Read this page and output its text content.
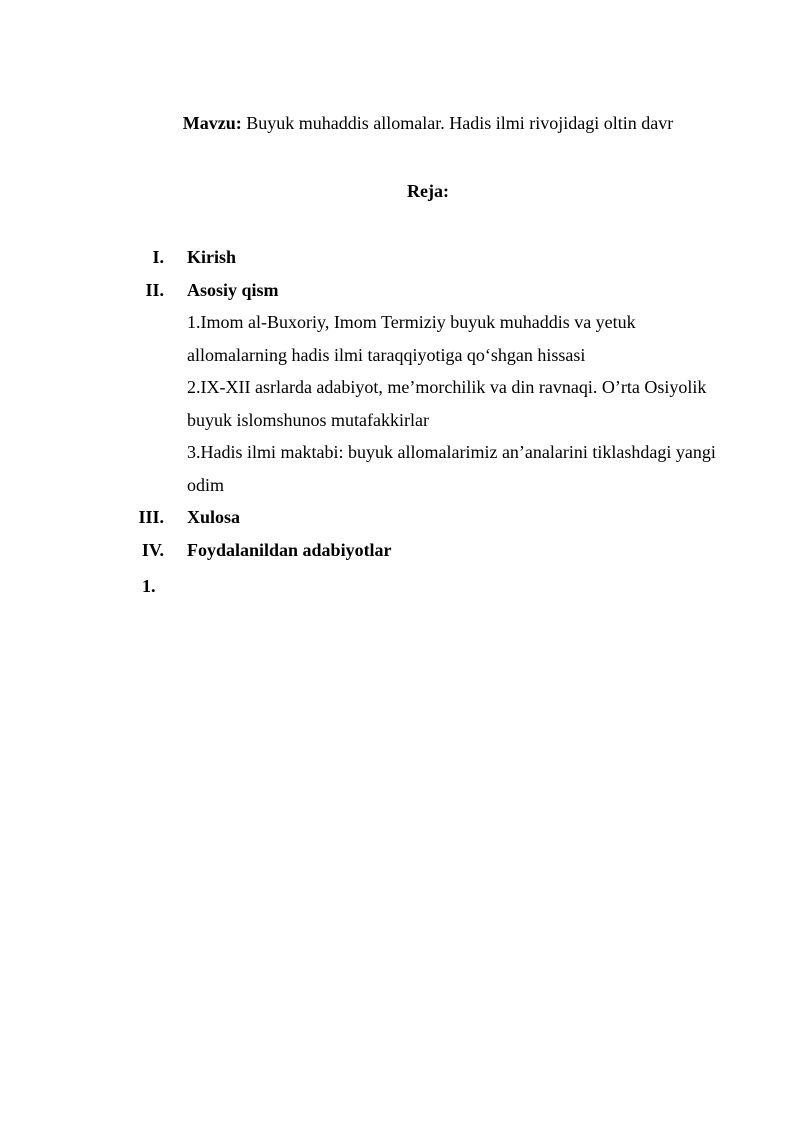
Mavzu: Buyuk muhaddis allomalar. Hadis ilmi rivojidagi oltin davr
Reja:
I. Kirish
II. Asosiy qism
1.Imom al-Buxoriy, Imom Termiziy buyuk muhaddis va yetuk
allomalarning hadis ilmi taraqqiyotiga qo‘shgan hissasi
2.IX-XII asrlarda adabiyot, me’morchilik va din ravnaqi. O’rta Osiyolik
buyuk islomshunos mutafakkirlar
3.Hadis ilmi maktabi: buyuk allomalarimiz an’analarini tiklashdagi yangi
odim
III. Xulosa
IV. Foydalanildan adabiyotlar
1.
